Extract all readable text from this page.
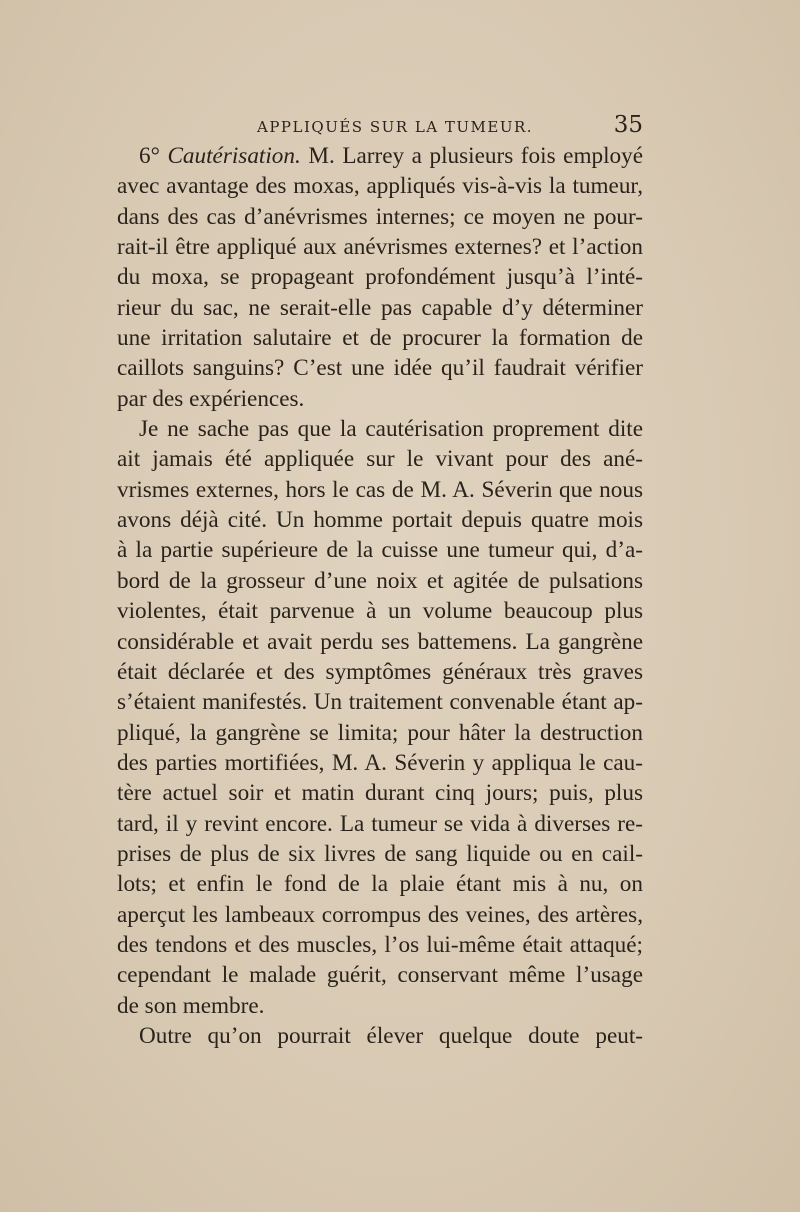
APPLIQUÉS SUR LA TUMEUR.	35
6° Cautérisation. M. Larrey a plusieurs fois employé
avec avantage des moxas, appliqués vis-à-vis la tumeur,
dans des cas d’anévrismes internes; ce moyen ne pour-
rait-il être appliqué aux anévrismes externes? et l’action
du moxa, se propageant profondément jusqu’à l’inté-
rieur du sac, ne serait-elle pas capable d’y déterminer
une irritation salutaire et de procurer la formation de
caillots sanguins? C’est une idée qu’il faudrait vérifier
par des expériences.
Je ne sache pas que la cautérisation proprement dite
ait jamais été appliquée sur le vivant pour des ané-
vrismes externes, hors le cas de M. A. Séverin que nous
avons déjà cité. Un homme portait depuis quatre mois
à la partie supérieure de la cuisse une tumeur qui, d’a-
bord de la grosseur d’une noix et agitée de pulsations
violentes, était parvenue à un volume beaucoup plus
considérable et avait perdu ses battemens. La gangrène
était déclarée et des symptômes généraux très graves
s’étaient manifestés. Un traitement convenable étant ap-
pliqué, la gangrène se limita; pour hâter la destruction
des parties mortifiées, M. A. Séverin y appliqua le cau-
tère actuel soir et matin durant cinq jours; puis, plus
tard, il y revint encore. La tumeur se vida à diverses re-
prises de plus de six livres de sang liquide ou en cail-
lots; et enfin le fond de la plaie étant mis à nu, on
aperçut les lambeaux corrompus des veines, des artères,
des tendons et des muscles, l’os lui-même était attaqué;
cependant le malade guérit, conservant même l’usage
de son membre.
Outre qu’on pourrait élever quelque doute peut-
